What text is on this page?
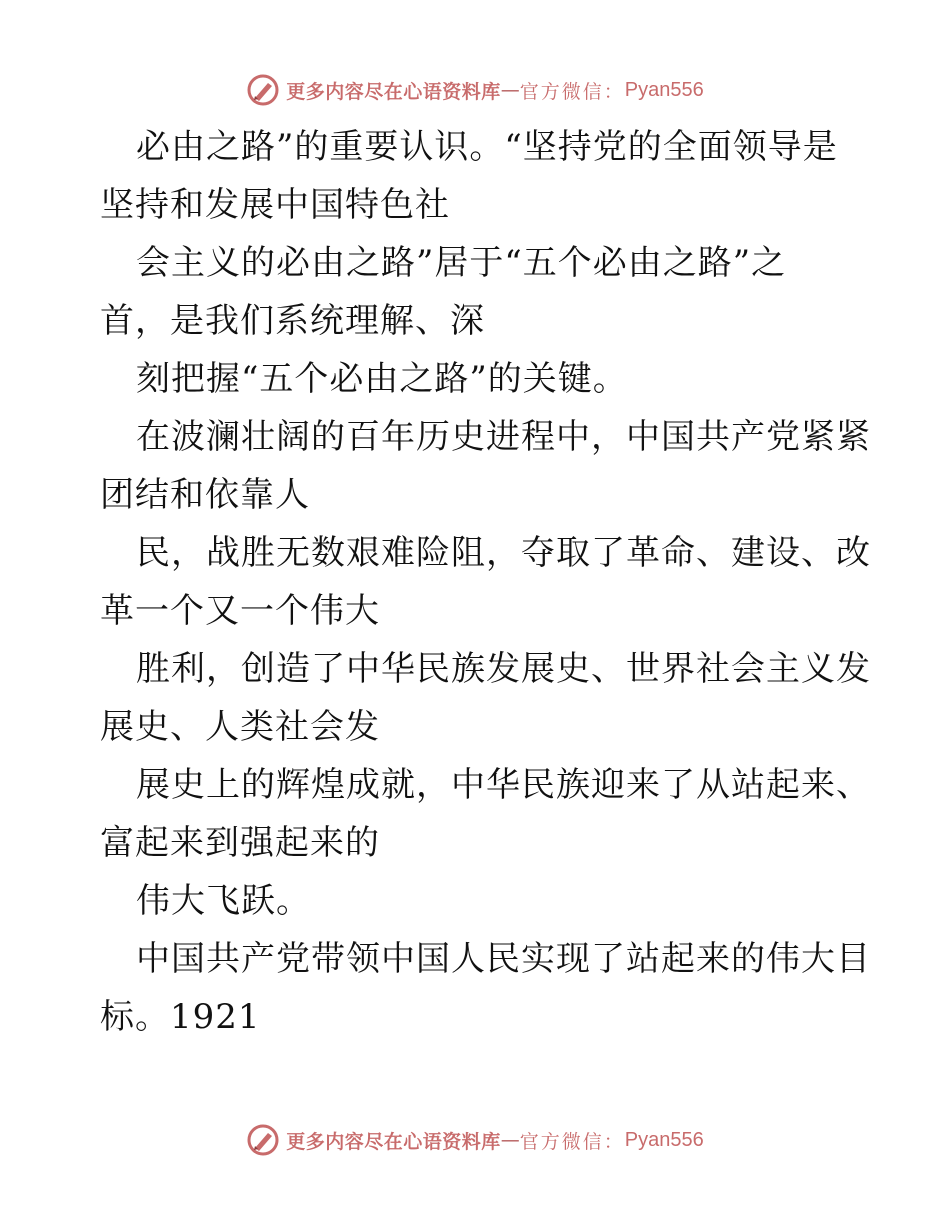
更多内容尽在心语资料库 — 官方微信： Pyan556
必由之路”的重要认识。“坚持党的全面领导是
坚持和发展中国特色社
会主义的必由之路”居于“五个必由之路”之
首，是我们系统理解、深
刻把握“五个必由之路”的关键。
在波澜壮阔的百年历史进程中，中国共产党紧紧
团结和依靠人
民，战胜无数艰难险阻，夺取了革命、建设、改
革一个又一个伟大
胜利，创造了中华民族发展史、世界社会主义发
展史、人类社会发
展史上的辉煌成就，中华民族迎来了从站起来、
富起来到强起来的
伟大飞跃。
中国共产党带领中国人民实现了站起来的伟大目
标。1921
更多内容尽在心语资料库 — 官方微信： Pyan556
